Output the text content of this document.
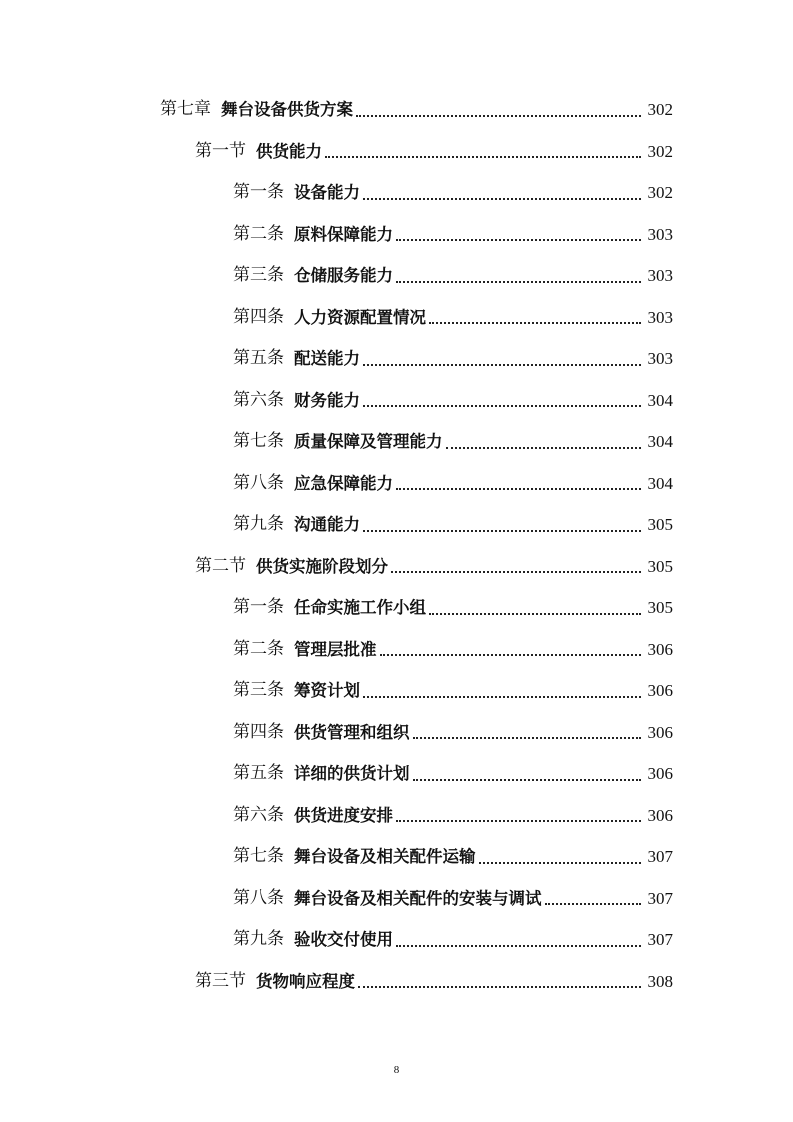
第七章 舞台设备供货方案	302
第一节 供货能力	302
第一条 设备能力	302
第二条 原料保障能力	303
第三条 仓储服务能力	303
第四条 人力资源配置情况	303
第五条 配送能力	303
第六条 财务能力	304
第七条 质量保障及管理能力	304
第八条 应急保障能力	304
第九条 沟通能力	305
第二节 供货实施阶段划分	305
第一条 任命实施工作小组	305
第二条 管理层批准	306
第三条 筹资计划	306
第四条 供货管理和组织	306
第五条 详细的供货计划	306
第六条 供货进度安排	306
第七条 舞台设备及相关配件运输	307
第八条 舞台设备及相关配件的安装与调试	307
第九条 验收交付使用	307
第三节 货物响应程度	308
8
